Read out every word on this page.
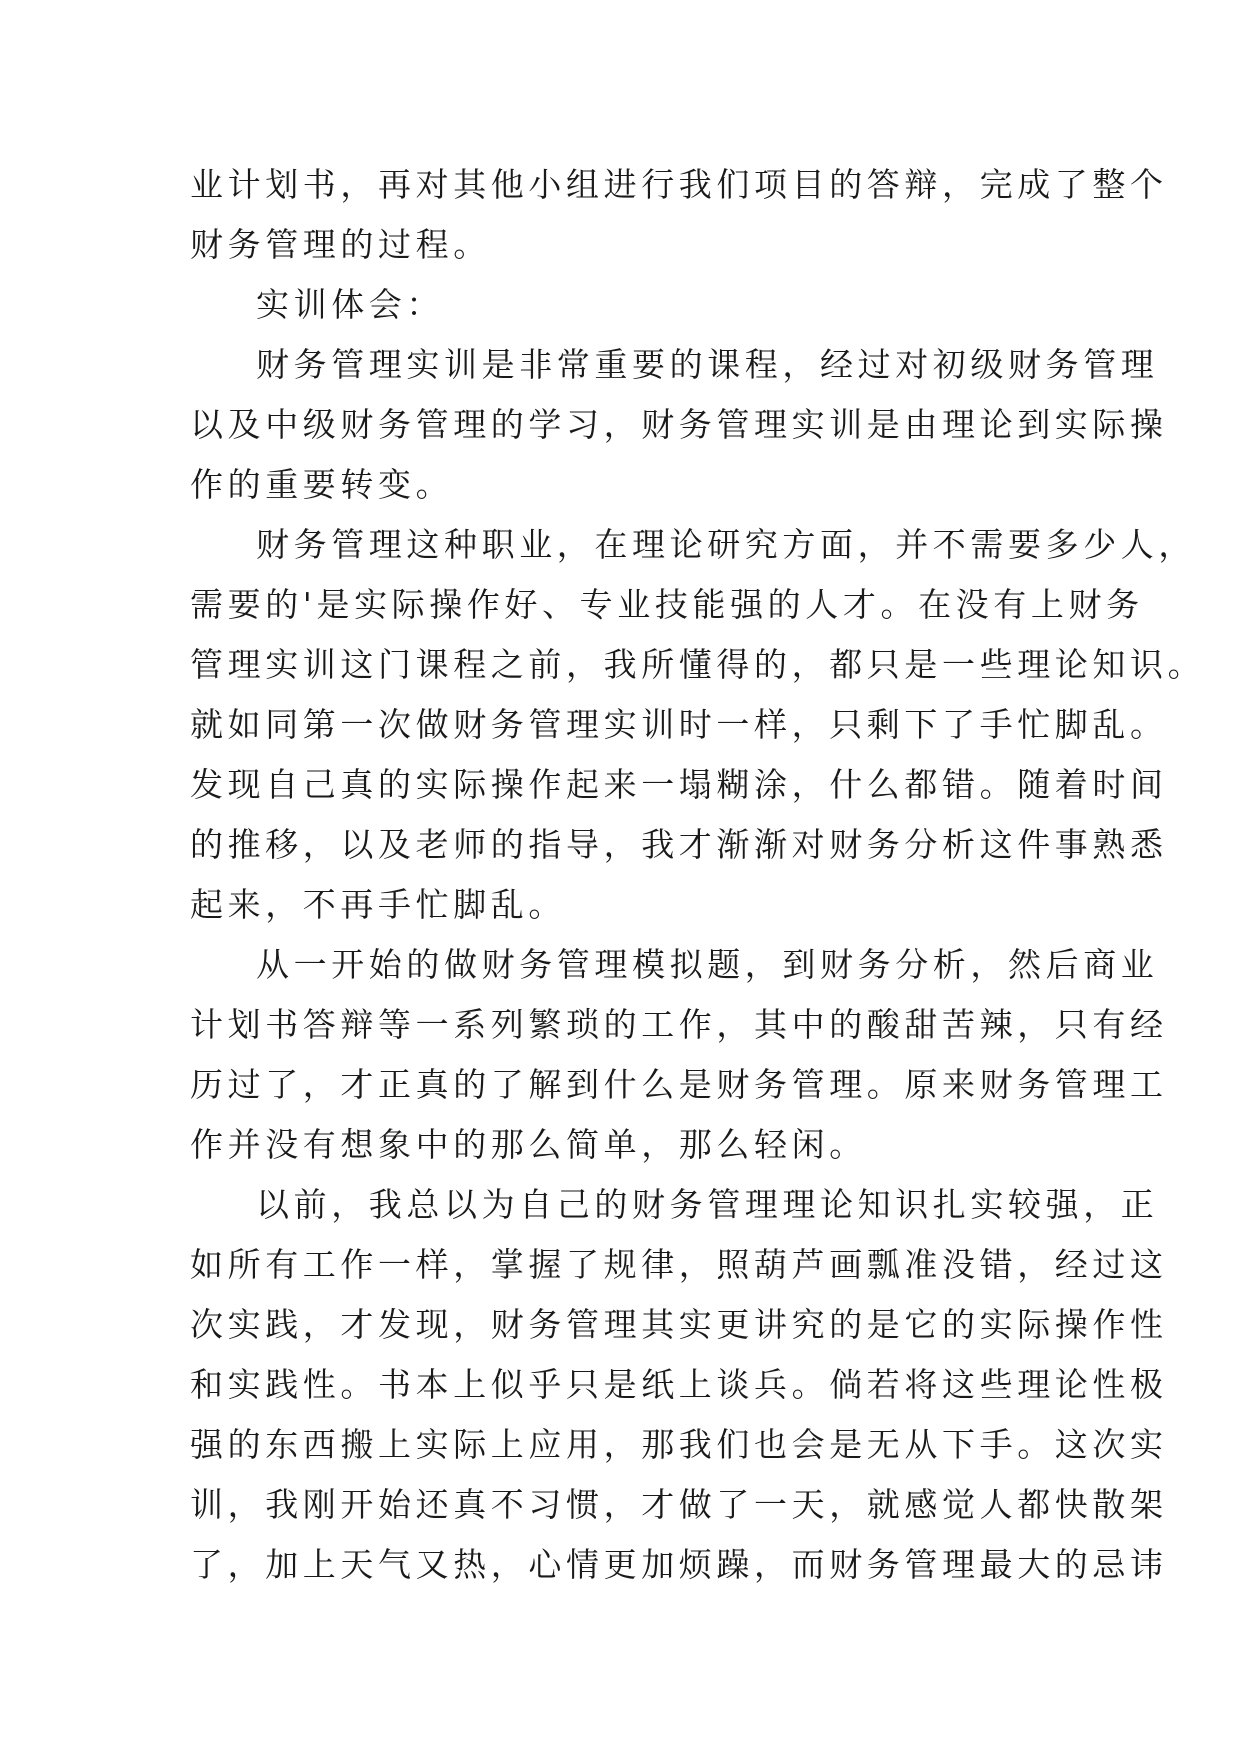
业计划书，再对其他小组进行我们项目的答辩，完成了整个
财务管理的过程。
实训体会：
财务管理实训是非常重要的课程，经过对初级财务管理
以及中级财务管理的学习，财务管理实训是由理论到实际操
作的重要转变。
财务管理这种职业，在理论研究方面，并不需要多少人，
需要的'是实际操作好、专业技能强的人才。在没有上财务
管理实训这门课程之前，我所懂得的，都只是一些理论知识。
就如同第一次做财务管理实训时一样，只剩下了手忙脚乱。
发现自己真的实际操作起来一塌糊涂，什么都错。随着时间
的推移，以及老师的指导，我才渐渐对财务分析这件事熟悉
起来，不再手忙脚乱。
从一开始的做财务管理模拟题，到财务分析，然后商业
计划书答辩等一系列繁琐的工作，其中的酸甜苦辣，只有经
历过了，才正真的了解到什么是财务管理。原来财务管理工
作并没有想象中的那么简单，那么轻闲。
以前，我总以为自己的财务管理理论知识扎实较强，正
如所有工作一样，掌握了规律，照葫芦画瓢准没错，经过这
次实践，才发现，财务管理其实更讲究的是它的实际操作性
和实践性。书本上似乎只是纸上谈兵。倘若将这些理论性极
强的东西搬上实际上应用，那我们也会是无从下手。这次实
训，我刚开始还真不习惯，才做了一天，就感觉人都快散架
了，加上天气又热，心情更加烦躁，而财务管理最大的忌讳
